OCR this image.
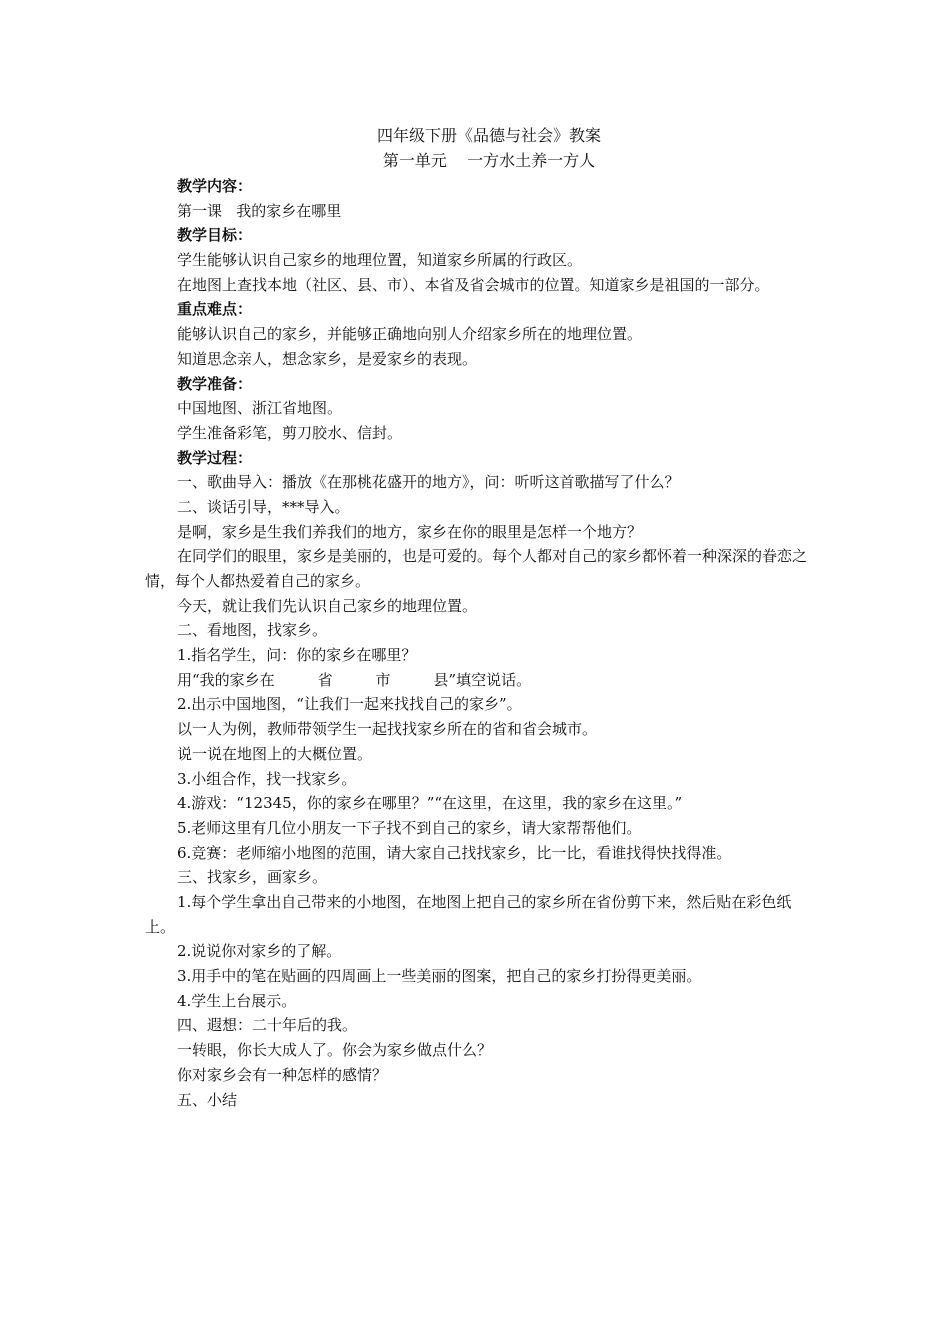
四年级下册《品德与社会》教案
第一单元    一方水土养一方人
教学内容：
第一课   我的家乡在哪里
教学目标：
学生能够认识自己家乡的地理位置，知道家乡所属的行政区。
在地图上查找本地（社区、县、市）、本省及省会城市的位置。知道家乡是祖国的一部分。
重点难点：
能够认识自己的家乡，并能够正确地向别人介绍家乡所在的地理位置。
知道思念亲人，想念家乡，是爱家乡的表现。
教学准备：
中国地图、浙江省地图。
学生准备彩笔，剪刀胶水、信封。
教学过程：
一、歌曲导入：播放《在那桃花盛开的地方》，问：听听这首歌描写了什么？
二、谈话引导，***导入。
是啊，家乡是生我们养我们的地方，家乡在你的眼里是怎样一个地方？
在同学们的眼里，家乡是美丽的，也是可爱的。每个人都对自己的家乡都怀着一种深深的眷恋之情，每个人都热爱着自己的家乡。
今天，就让我们先认识自己家乡的地理位置。
二、看地图，找家乡。
1.指名学生，问：你的家乡在哪里？
用“我的家乡在         省         市         县”填空说话。
2.出示中国地图，“让我们一起来找找自己的家乡”。
以一人为例，教师带领学生一起找找家乡所在的省和省会城市。
说一说在地图上的大概位置。
3.小组合作，找一找家乡。
4.游戏：“12345，你的家乡在哪里？”“在这里，在这里，我的家乡在这里。”
5.老师这里有几位小朋友一下子找不到自己的家乡，请大家帮帮他们。
6.竞赛：老师缩小地图的范围，请大家自己找找家乡，比一比，看谁找得快找得准。
三、找家乡，画家乡。
1.每个学生拿出自己带来的小地图，在地图上把自己的家乡所在省份剪下来，然后贴在彩色纸上。
2.说说你对家乡的了解。
3.用手中的笔在贴画的四周画上一些美丽的图案，把自己的家乡打扮得更美丽。
4.学生上台展示。
四、遐想：二十年后的我。
一转眼，你长大成人了。你会为家乡做点什么？
你对家乡会有一种怎样的感情？
五、小结
